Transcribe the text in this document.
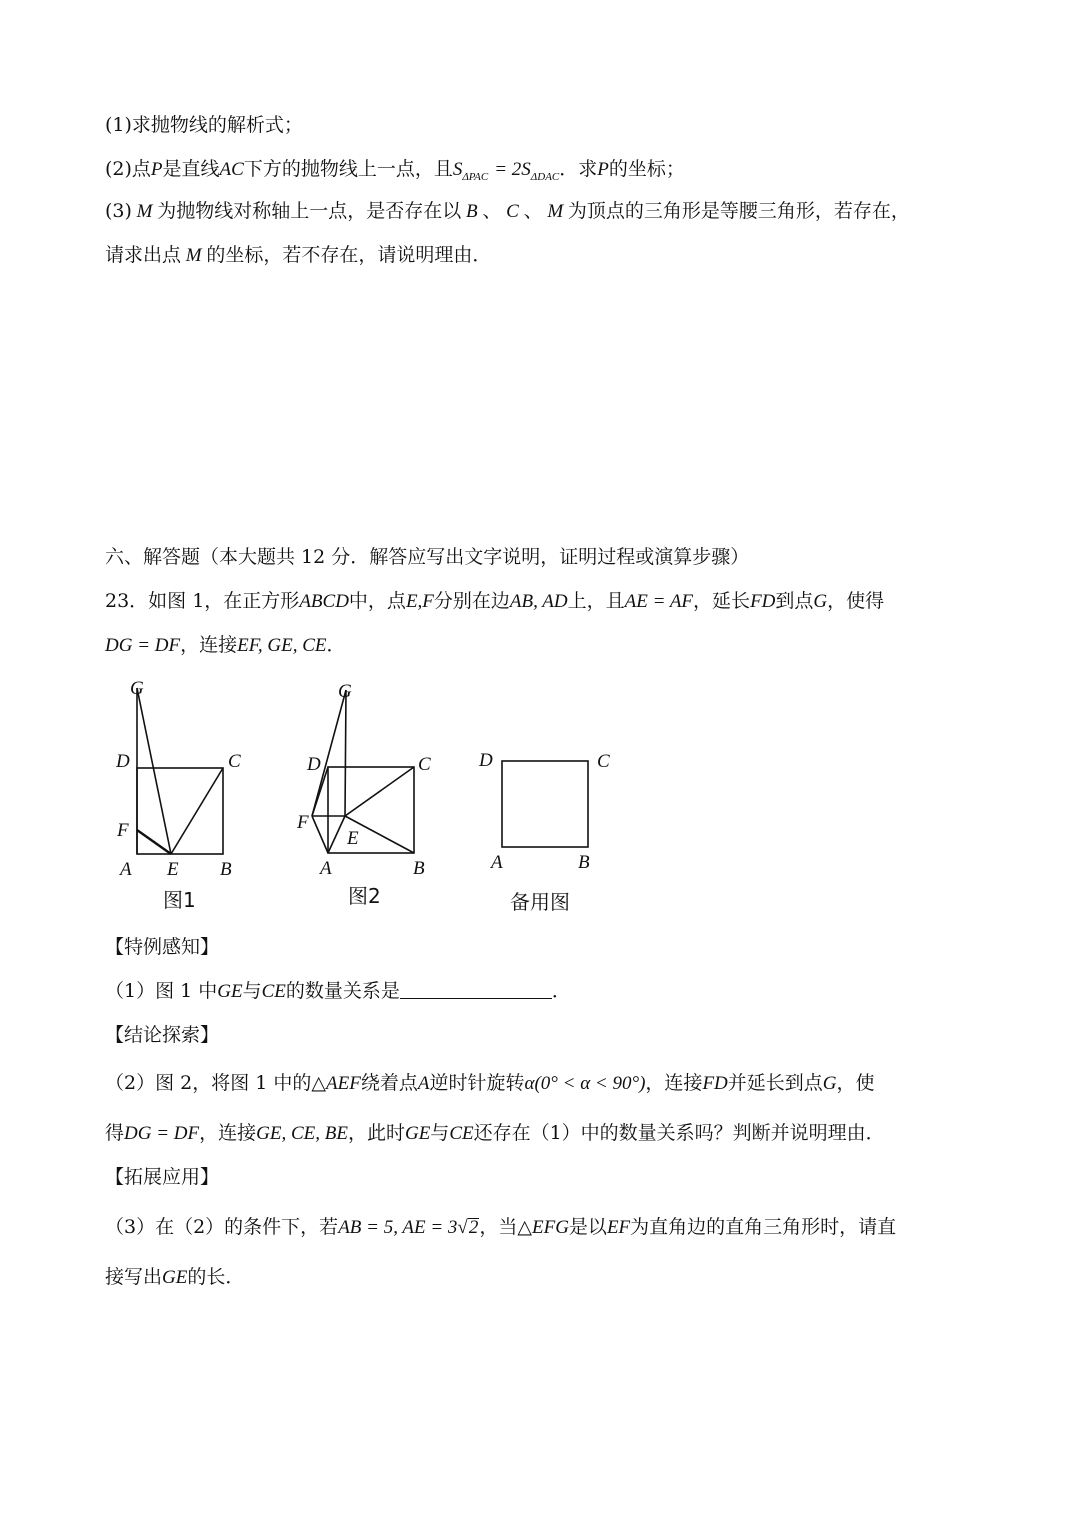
(1)求抛物线的解析式；
(2)点P是直线AC下方的抛物线上一点，且$S_{\Delta PAC} = 2S_{\Delta DAC}$．求P的坐标；
(3) M 为抛物线对称轴上一点，是否存在以 B 、 C 、 M 为顶点的三角形是等腰三角形，若存在，
请求出点 M 的坐标，若不存在，请说明理由．
六、解答题（本大题共 12 分．解答应写出文字说明，证明过程或演算步骤）
23．如图 1，在正方形ABCD中，点E,F分别在边AB, AD上，且AE = AF，延长FD到点G，使得
DG = DF，连接EF, GE, CE．
G
D	C
F
A E B
G
D	C
F
E
A	B
D	C
A	B
图1	图2	备用图
【特例感知】
（1）图 1 中GE与CE的数量关系是	．
【结论探索】
（2）图 2，将图 1 中的△AEF绕着点A逆时针旋转α(0° < α < 90°)，连接FD并延长到点G，使
得DG = DF，连接GE, CE, BE，此时GE与CE还存在（1）中的数量关系吗？判断并说明理由．
【拓展应用】
（3）在（2）的条件下，若AB = 5, AE = 3√2，当△EFG是以EF为直角边的直角三角形时，请直
接写出GE的长．
